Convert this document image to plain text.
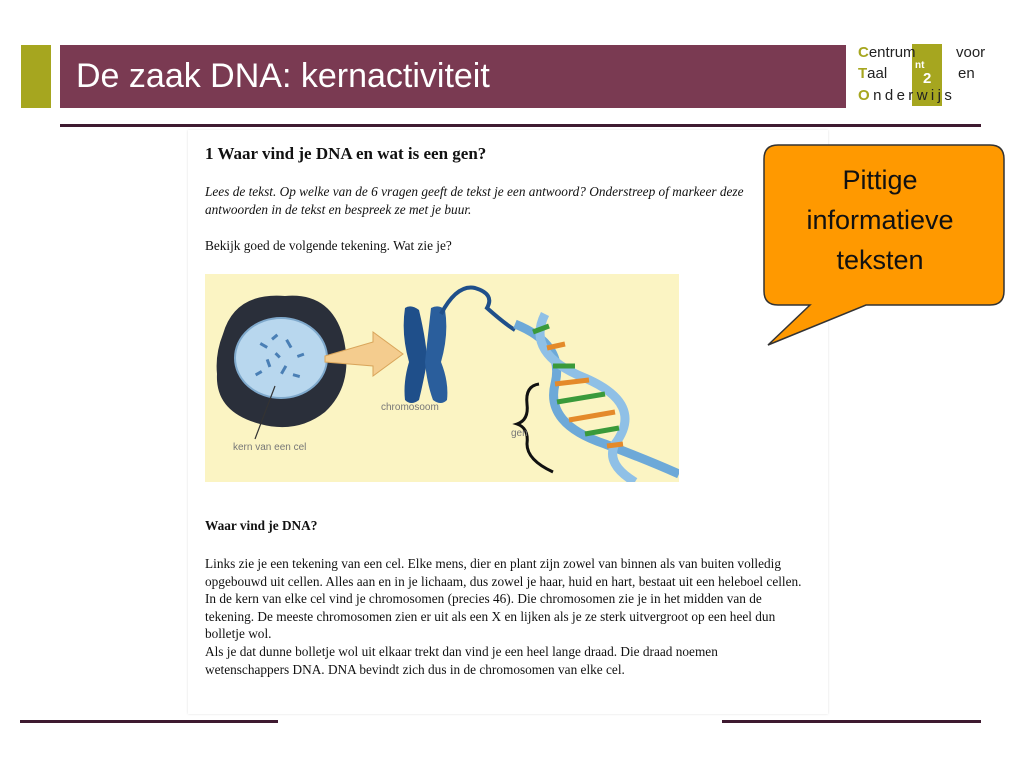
De zaak DNA: kernactiviteit	nt
2
Centrum	voor
Taal	en
Onderwijs
1 Waar vind je DNA en wat is een gen?
Lees de tekst. Op welke van de 6 vragen geeft de tekst je een antwoord? Onderstreep of markeer deze antwoorden in de tekst en bespreek ze met je buur.
Bekijk goed de volgende tekening. Wat zie je?
kern van een cel
chromosoom
gen
Waar vind je DNA?

Links zie je een tekening van een cel. Elke mens, dier en plant zijn zowel van binnen als van buiten volledig opgebouwd uit cellen. Alles aan en in je lichaam, dus zowel je haar, huid en hart, bestaat uit een heleboel cellen.

In de kern van elke cel vind je chromosomen (precies 46). Die chromosomen zie je in het midden van de tekening. De meeste chromosomen zien er uit als een X en lijken als je ze sterk uitvergroot op een heel dun bolletje wol.

Als je dat dunne bolletje wol uit elkaar trekt dan vind je een heel lange draad. Die draad noemen wetenschappers DNA. DNA bevindt zich dus in de chromosomen van elke cel.

Pittige
informatieve
teksten
